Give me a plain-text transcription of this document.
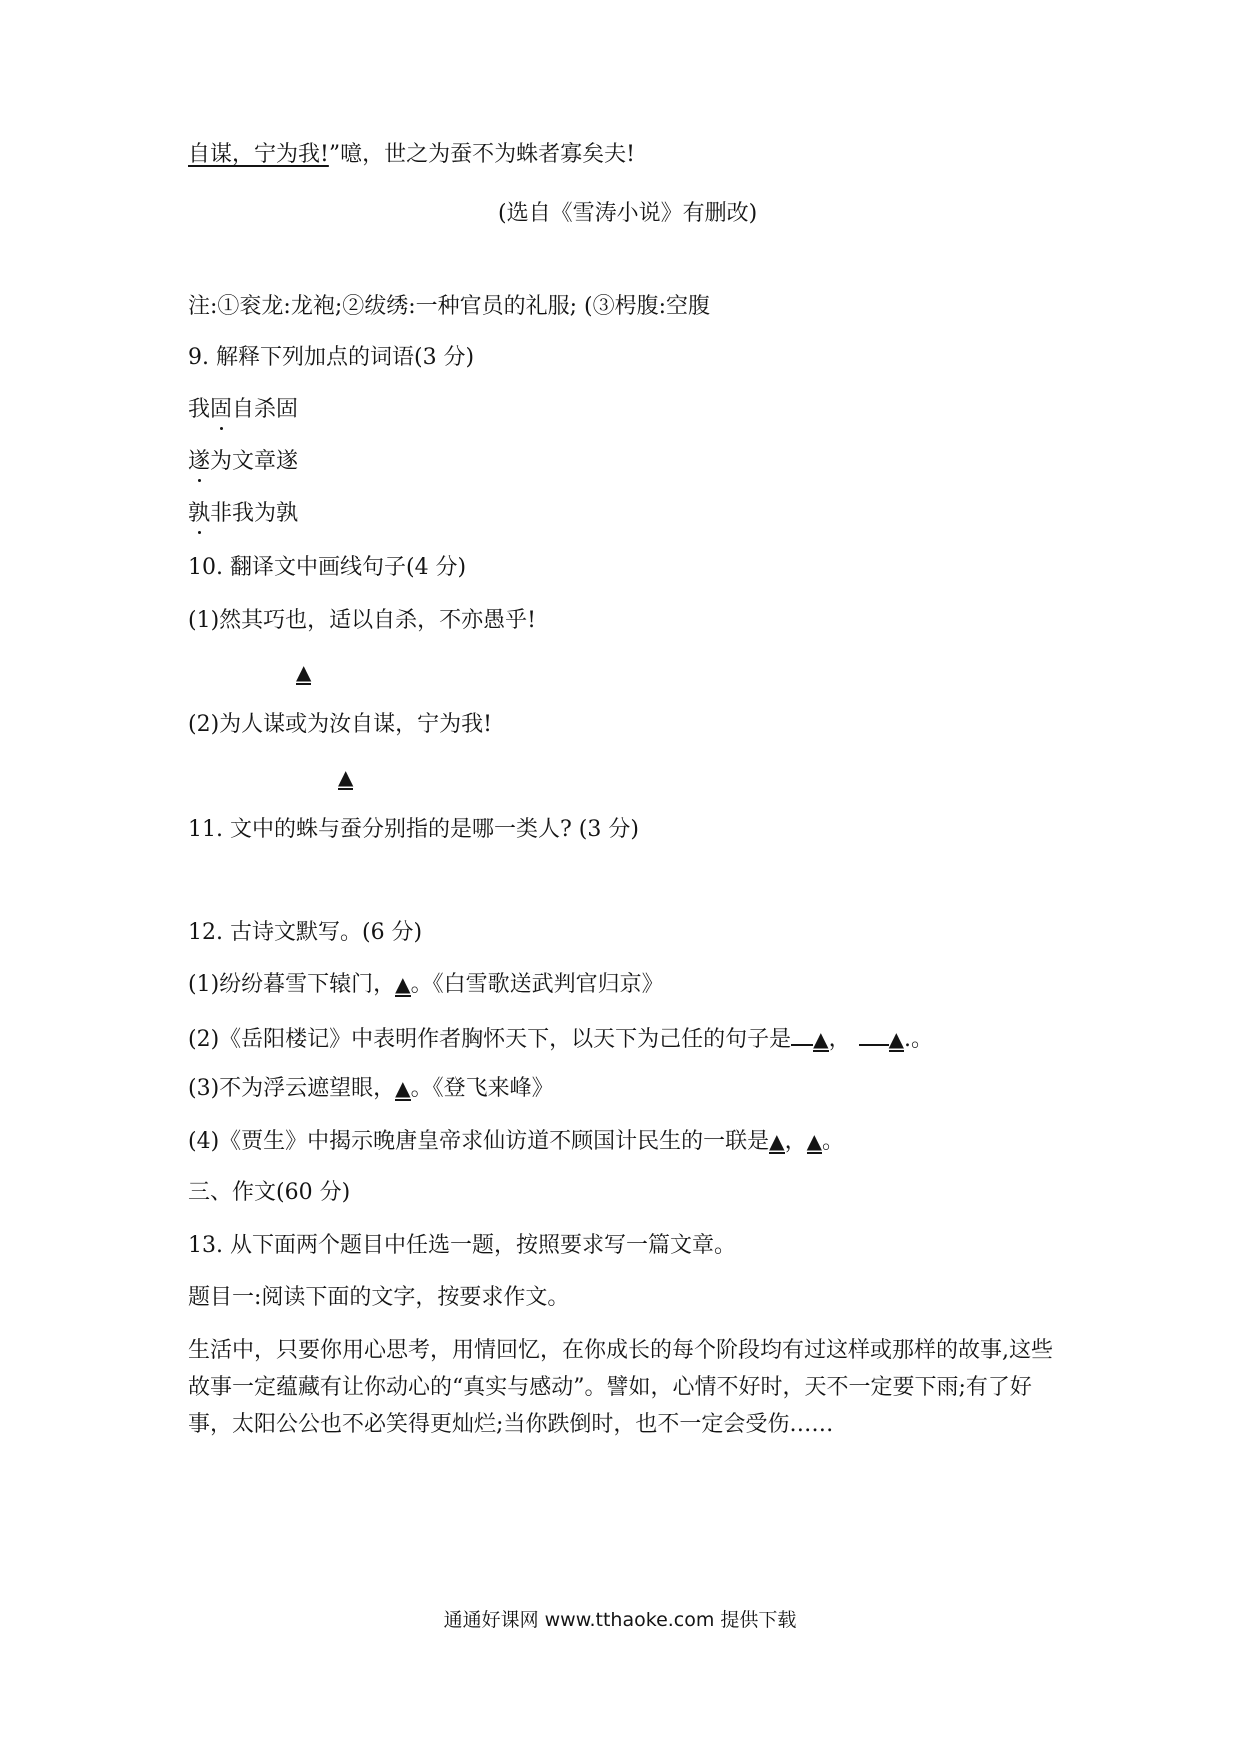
自谋，宁为我!”噫，世之为蚕不为蛛者寡矣夫!
(选自《雪涛小说》有删改)
注:①衮龙:龙袍;②绂绣:一种官员的礼服; (③枵腹:空腹
9. 解释下列加点的词语(3 分)
我固自杀固
遂为文章遂
孰非我为孰
10. 翻译文中画线句子(4 分)
(1)然其巧也，适以自杀，不亦愚乎!
▲
(2)为人谋或为汝自谋，宁为我!
▲
11. 文中的蛛与蚕分别指的是哪一类人? (3 分)
12. 古诗文默写。(6 分)
(1)纷纷暮雪下辕门，▲。《白雪歌送武判官归京》
(2)《岳阳楼记》中表明作者胸怀天下，以天下为己任的句子是 ▲， ▲.。
(3)不为浮云遮望眼，▲。《登飞来峰》
(4)《贾生》中揭示晚唐皇帝求仙访道不顾国计民生的一联是▲，▲。
三、作文(60 分)
13. 从下面两个题目中任选一题，按照要求写一篇文章。
题目一:阅读下面的文字，按要求作文。
生活中，只要你用心思考，用情回忆，在你成长的每个阶段均有过这样或那样的故事,这些
故事一定蕴藏有让你动心的“真实与感动”。譬如，心情不好时，天不一定要下雨;有了好
事，太阳公公也不必笑得更灿烂;当你跌倒时，也不一定会受伤……
通通好课网 www.tthaoke.com 提供下载
